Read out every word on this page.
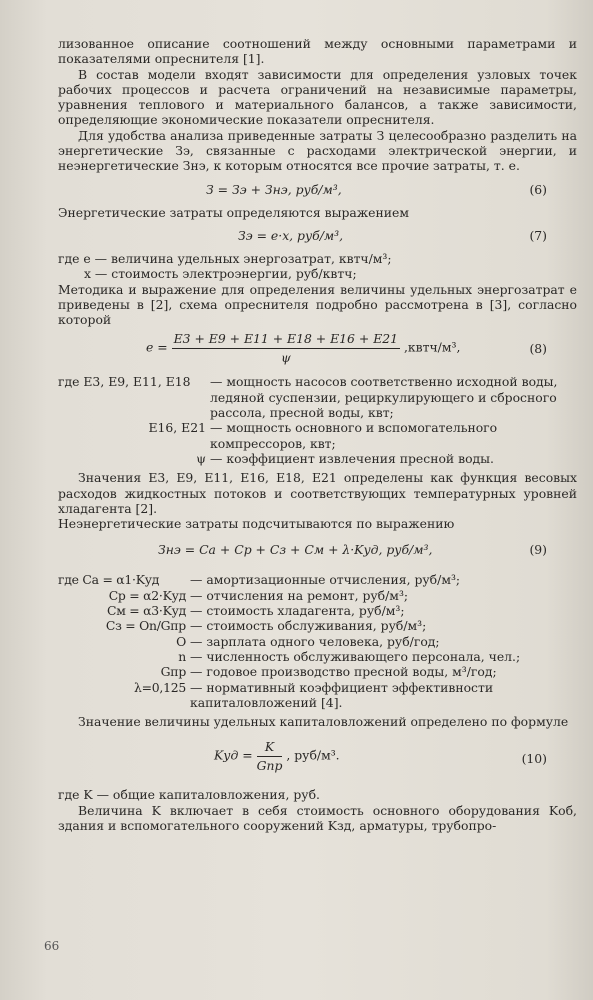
лизованное описание соотношений между основными параметрами и показателями опреснителя [1].

В состав модели входят зависимости для определения узловых точек рабочих процессов и расчета ограничений на независимые параметры, уравнения теплового и материального балансов, а также зависимости, определяющие экономические показатели опреснителя.

Для удобства анализа приведенные затраты З целесообразно разделить на энергетические Зэ, связанные с расходами электрической энергии, и неэнергетические Знэ, к которым относятся все прочие затраты, т. е.

З = Зэ + Знэ, руб/м³,	(6)

Энергетические затраты определяются выражением

Зэ = e·x, руб/м³,	(7)

где e — величина удельных энергозатрат, квтч/м³;

x — стоимость электроэнергии, руб/квтч;

Методика и выражение для определения величины удельных энергозатрат e приведены в [2], схема опреснителя подробно рассмотрена в [3], согласно которой

$e = \frac{E3 + E9 + E11 + E18 + E16 + E21}{\psi}$ ,квтч/м³,	(8)
где E3, E9, E11, E18 — мощность насосов соответственно исходной воды, ледяной суспензии, рециркулирующего и сбросного рассола, пресной воды, квт;
E16, E21 — мощность основного и вспомогательного компрессоров, квт;
ψ — коэффициент извлечения пресной воды.

Значения E3, E9, E11, E16, E18, E21 определены как функция весовых расходов жидкостных потоков и соответствующих температурных уровней хладагента [2].

Неэнергетические затраты подсчитываются по выражению

Знэ = Сa + Сp + Сз + См + λ·Kуд, руб/м³,	(9)
где Сa = α1·Kуд — амортизационные отчисления, руб/м³;
Сp = α2·Kуд — отчисления на ремонт, руб/м³;
См = α3·Kуд — стоимость хладагента, руб/м³;
Сз = On/Gпр — стоимость обслуживания, руб/м³;
O — зарплата одного человека, руб/год;
n — численность обслуживающего персонала, чел.;
Gпр — годовое производство пресной воды, м³/год;
λ=0,125 — нормативный коэффициент эффективности капиталовложений [4].

Значение величины удельных капиталовложений определено по формуле

Kуд = $\frac{K}{\text{Gпр}}$ , руб/м³.	(10)

где K — общие капиталовложения, руб.

Величина K включает в себя стоимость основного оборудования Kоб, здания и вспомогательного сооружений Kзд, арматуры, трубопро-

66
